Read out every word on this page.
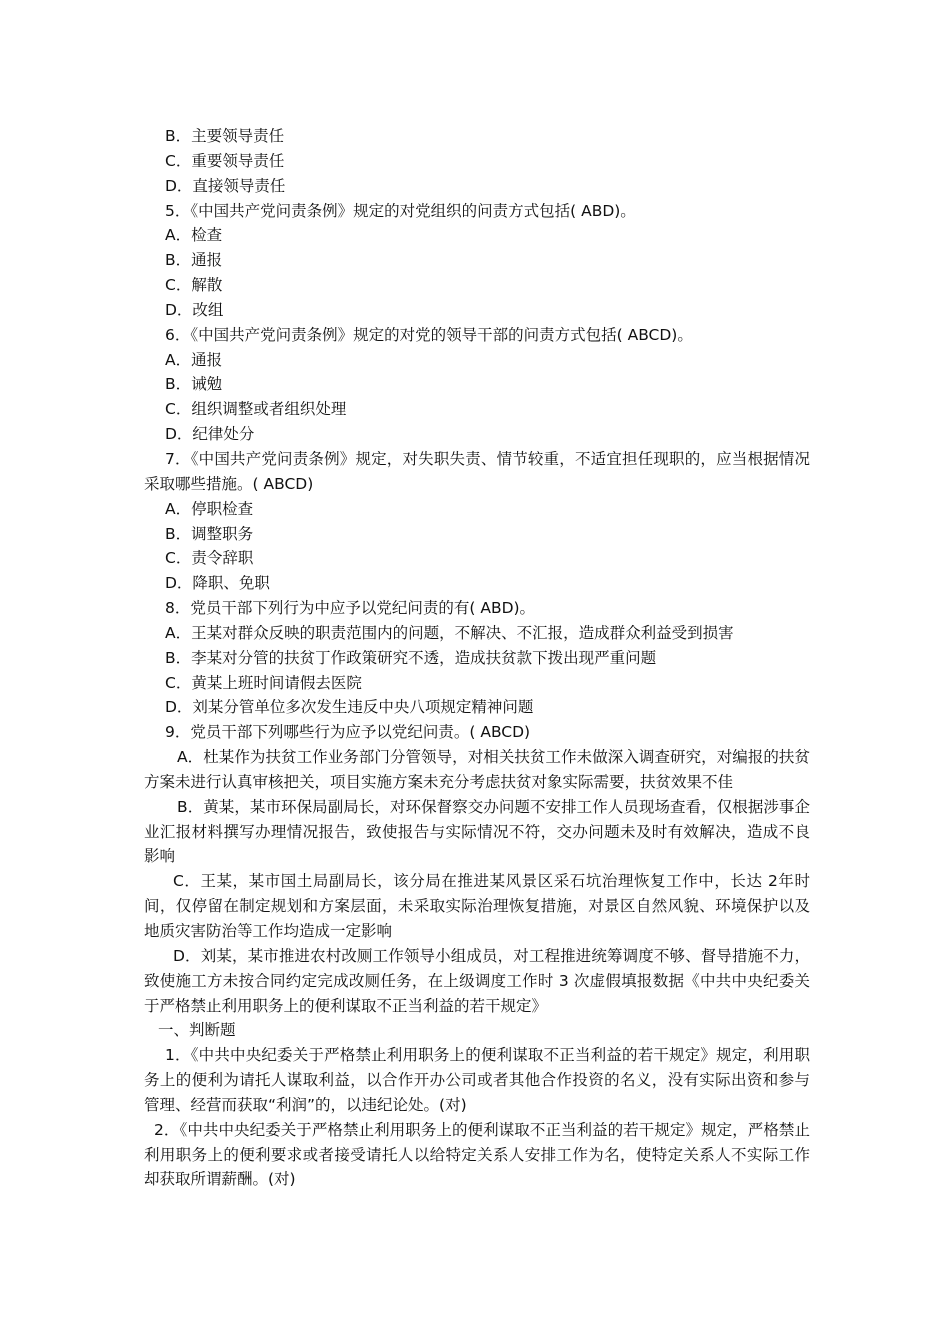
B．主要领导责任
C．重要领导责任
D．直接领导责任
5．《中国共产党问责条例》规定的对党组织的问责方式包括( ABD)。
A．检查
B．通报
C．解散
D．改组
6．《中国共产党问责条例》规定的对党的领导干部的问责方式包括( ABCD)。
A．通报
B．诫勉
C．组织调整或者组织处理
D．纪律处分
7．《中国共产党问责条例》规定，对失职失责、情节较重，不适宜担任现职的，应当根据情况采取哪些措施。( ABCD)
A．停职检查
B．调整职务
C．责令辞职
D．降职、免职
8．党员干部下列行为中应予以党纪问责的有( ABD)。
A．王某对群众反映的职责范围内的问题，不解决、不汇报，造成群众利益受到损害
B．李某对分管的扶贫丁作政策研究不透，造成扶贫款下拨出现严重问题
C．黄某上班时间请假去医院
D．刘某分管单位多次发生违反中央八项规定精神问题
9．党员干部下列哪些行为应予以党纪问责。( ABCD)
A．杜某作为扶贫工作业务部门分管领导，对相关扶贫工作未做深入调查研究，对编报的扶贫方案未进行认真审核把关，项目实施方案未充分考虑扶贫对象实际需要，扶贫效果不佳
B．黄某，某市环保局副局长，对环保督察交办问题不安排工作人员现场查看，仅根据涉事企业汇报材料撰写办理情况报告，致使报告与实际情况不符，交办问题未及时有效解决，造成不良影响
C．王某，某市国土局副局长，该分局在推进某风景区采石坑治理恢复工作中，长达 2年时间，仅停留在制定规划和方案层面，未采取实际治理恢复措施，对景区自然风貌、环境保护以及地质灾害防治等工作均造成一定影响
D．刘某，某市推进农村改厕工作领导小组成员，对工程推进统筹调度不够、督导措施不力，致使施工方未按合同约定完成改厕任务，在上级调度工作时 3 次虚假填报数据《中共中央纪委关于严格禁止利用职务上的便利谋取不正当利益的若干规定》
一、判断题
1．《中共中央纪委关于严格禁止利用职务上的便利谋取不正当利益的若干规定》规定，利用职务上的便利为请托人谋取利益，以合作开办公司或者其他合作投资的名义，没有实际出资和参与管理、经营而获取“利润”的，以违纪论处。(对)
2．《中共中央纪委关于严格禁止利用职务上的便利谋取不正当利益的若干规定》规定，严格禁止利用职务上的便利要求或者接受请托人以给特定关系人安排工作为名，使特定关系人不实际工作却获取所谓薪酬。(对)
